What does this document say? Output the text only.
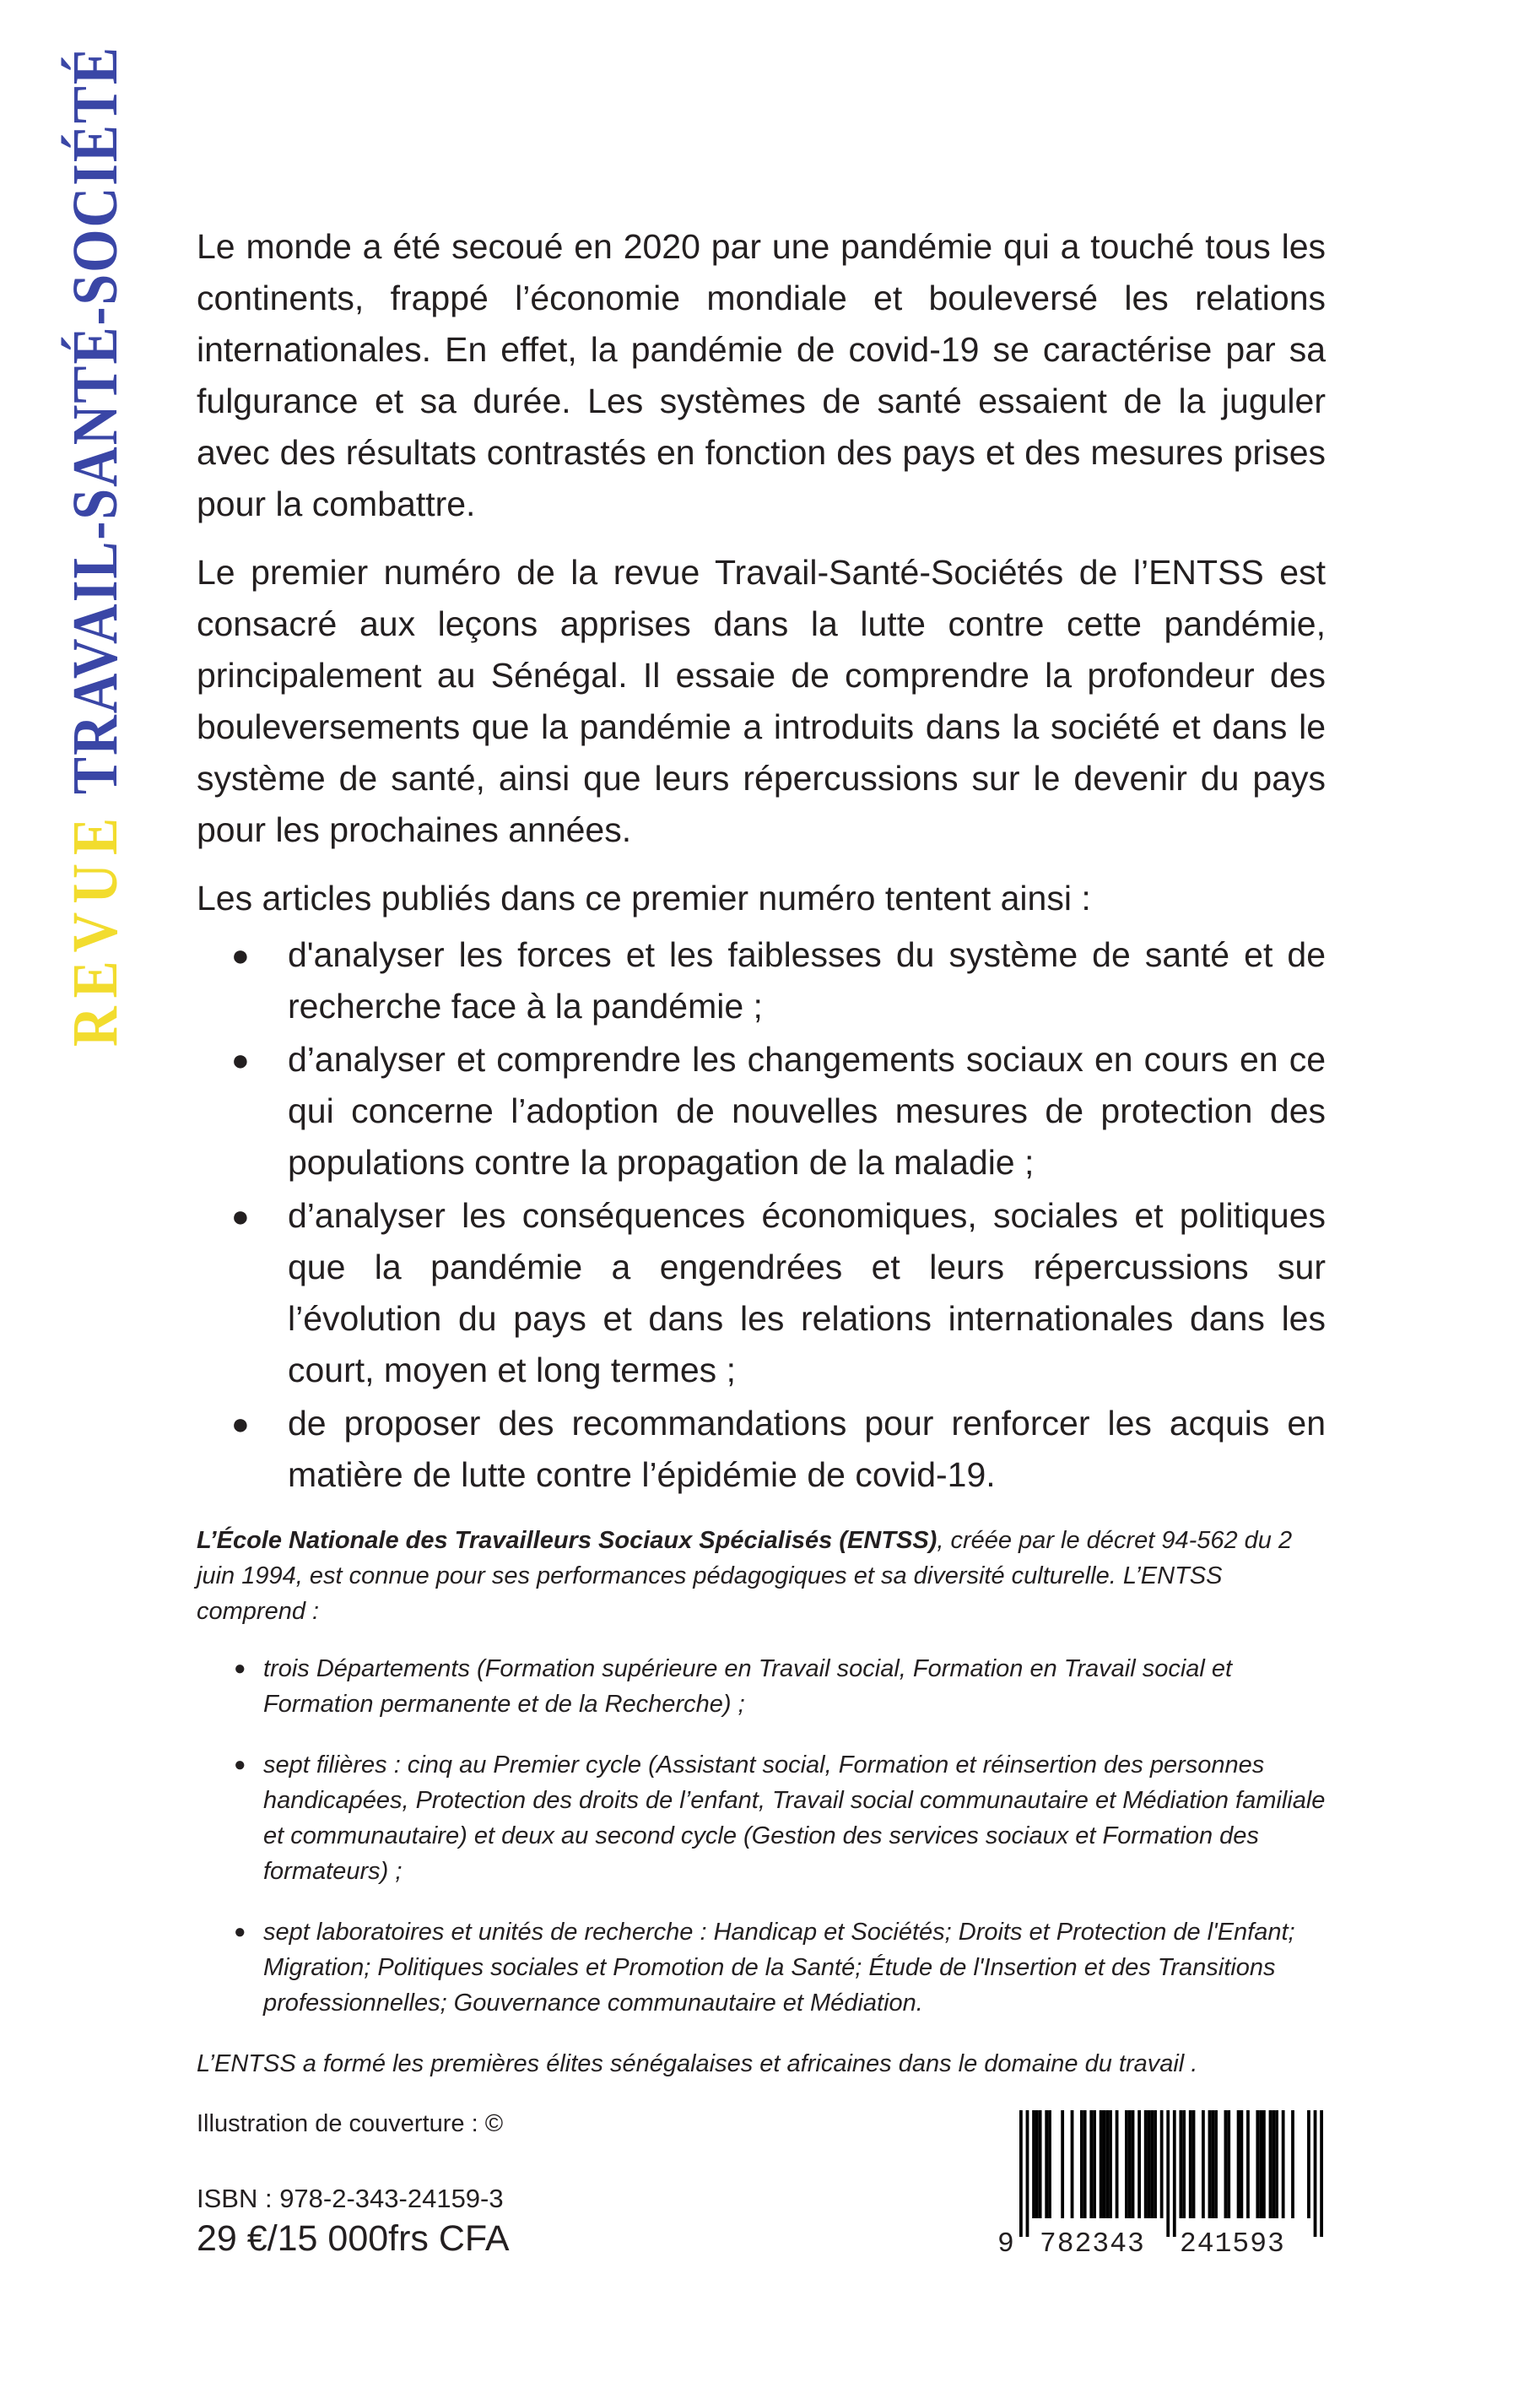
REVUETRAVAIL-SANTÉ-SOCIÉTÉ Le monde a été secoué en 2020 par une pandémie qui a touché tous les continents, frappé l’économie mondiale et bouleversé les relations internationales. En effet, la pandémie de covid-19 se caractérise par sa fulgurance et sa durée. Les systèmes de santé essaient de la juguler avec des résultats contrastés en fonction des pays et des mesures prises pour la combattre.

Le premier numéro de la revue Travail-Santé-Sociétés de l’ENTSS est consacré aux leçons apprises dans la lutte contre cette pandémie, principalement au Sénégal. Il essaie de comprendre la profondeur des bouleversements que la pandémie a introduits dans la société et dans le système de santé, ainsi que leurs répercussions sur le devenir du pays pour les prochaines années.

Les articles publiés dans ce premier numéro tentent ainsi :

● d'analyser les forces et les faiblesses du système de santé et de recherche face à la pandémie ;
● d’analyser et comprendre les changements sociaux en cours en ce qui concerne l’adoption de nouvelles mesures de protection des populations contre la propagation de la maladie ;
● d’analyser les conséquences économiques, sociales et politiques que la pandémie a engendrées et leurs répercussions sur l’évolution du pays et dans les relations internationales dans les court, moyen et long termes ;
● de proposer des recommandations pour renforcer les acquis en matière de lutte contre l’épidémie de covid-19.

L’École Nationale des Travailleurs Sociaux Spécialisés (ENTSS), créée par le décret 94-562 du 2 juin 1994, est connue pour ses performances pédagogiques et sa diversité culturelle. L’ENTSS comprend :

● trois Départements (Formation supérieure en Travail social, Formation en Travail social et Formation permanente et de la Recherche) ;
● sept filières : cinq au Premier cycle (Assistant social, Formation et réinsertion des personnes handicapées, Protection des droits de l’enfant, Travail social communautaire et Médiation familiale et communautaire) et deux au second cycle (Gestion des services sociaux et Formation des formateurs) ;
● sept laboratoires et unités de recherche : Handicap et Sociétés; Droits et Protection de l'Enfant; Migration; Politiques sociales et Promotion de la Santé; Étude de l'Insertion et des Transitions professionnelles; Gouvernance communautaire et Médiation.

L’ENTSS a formé les premières élites sénégalaises et africaines dans le domaine du travail .

Illustration de couverture : ©
ISBN : 978-2-343-24159-3
29 €/15 000frs CFA	9 782343 241593
